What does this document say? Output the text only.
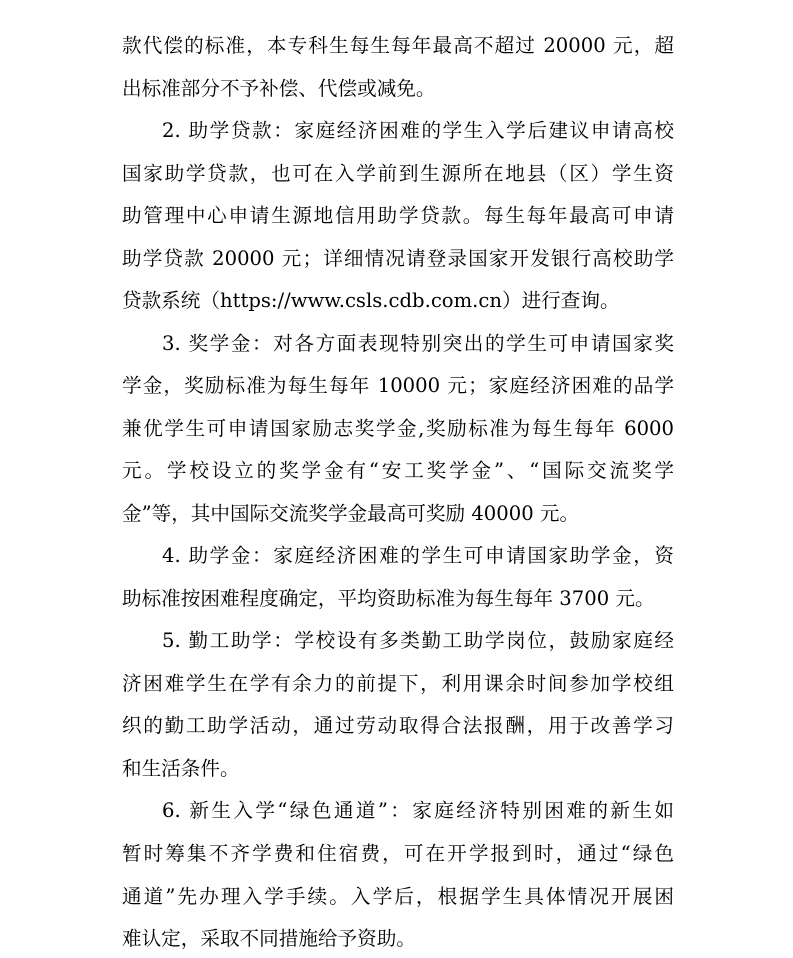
款代偿的标准，本专科生每生每年最高不超过 20000 元，超
出标准部分不予补偿、代偿或减免。
2. 助学贷款：家庭经济困难的学生入学后建议申请高校
国家助学贷款，也可在入学前到生源所在地县（区）学生资
助管理中心申请生源地信用助学贷款。每生每年最高可申请
助学贷款 20000 元；详细情况请登录国家开发银行高校助学
贷款系统（https://www.csls.cdb.com.cn）进行查询。
3. 奖学金：对各方面表现特别突出的学生可申请国家奖
学金，奖励标准为每生每年 10000 元；家庭经济困难的品学
兼优学生可申请国家励志奖学金,奖励标准为每生每年 6000
元。学校设立的奖学金有“安工奖学金”、“国际交流奖学
金”等，其中国际交流奖学金最高可奖励 40000 元。
4. 助学金：家庭经济困难的学生可申请国家助学金，资
助标准按困难程度确定，平均资助标准为每生每年 3700 元。
5. 勤工助学：学校设有多类勤工助学岗位，鼓励家庭经
济困难学生在学有余力的前提下，利用课余时间参加学校组
织的勤工助学活动，通过劳动取得合法报酬，用于改善学习
和生活条件。
6. 新生入学“绿色通道”：家庭经济特别困难的新生如
暂时筹集不齐学费和住宿费，可在开学报到时，通过“绿色
通道”先办理入学手续。入学后，根据学生具体情况开展困
难认定，采取不同措施给予资助。
